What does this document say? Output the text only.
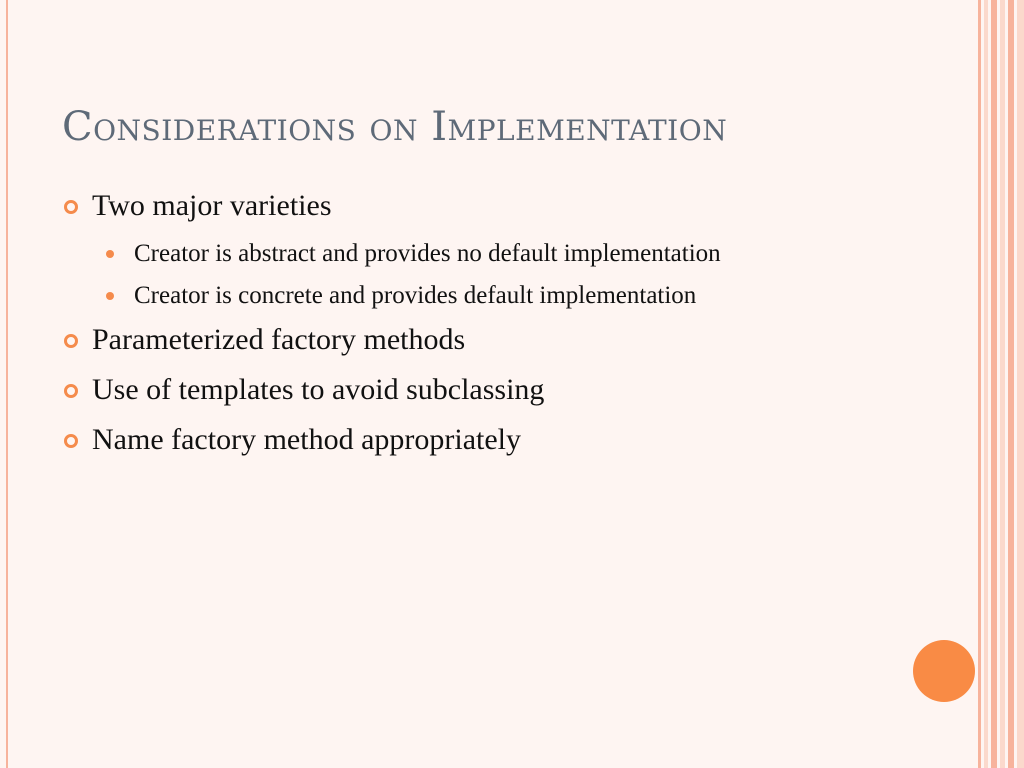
Considerations on Implementation
Two major varieties
Creator is abstract and provides no default implementation
Creator is concrete and provides default implementation
Parameterized factory methods
Use of templates to avoid subclassing
Name factory method appropriately
